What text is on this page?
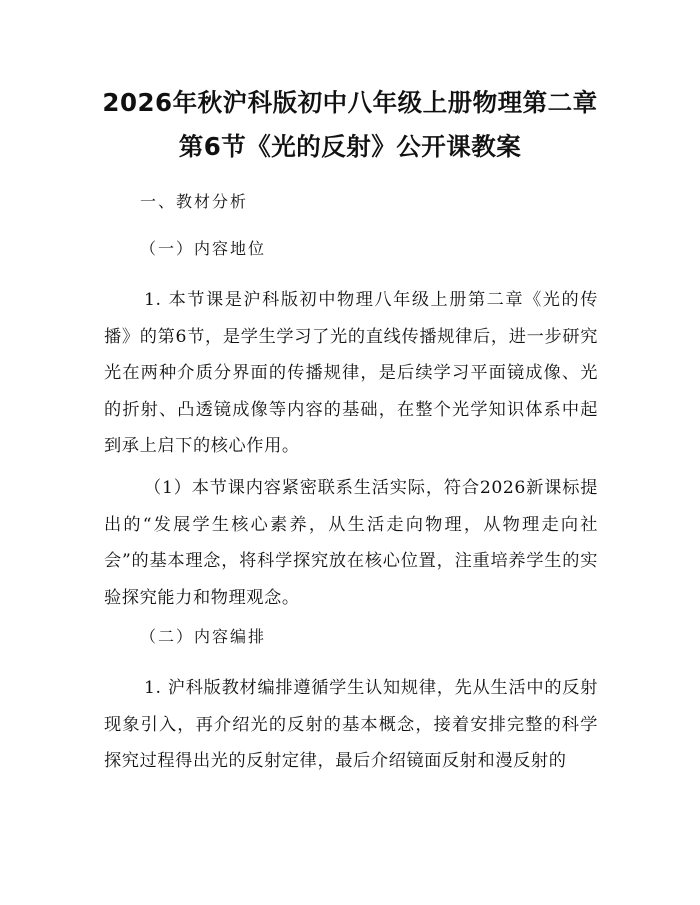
2026年秋沪科版初中八年级上册物理第二章
第6节《光的反射》公开课教案

一、教材分析

（一）内容地位

1. 本节课是沪科版初中物理八年级上册第二章《光的传播》的第6节，是学生学习了光的直线传播规律后，进一步研究光在两种介质分界面的传播规律，是后续学习平面镜成像、光的折射、凸透镜成像等内容的基础，在整个光学知识体系中起到承上启下的核心作用。

（1）本节课内容紧密联系生活实际，符合2026新课标提出的“发展学生核心素养，从生活走向物理，从物理走向社会”的基本理念，将科学探究放在核心位置，注重培养学生的实验探究能力和物理观念。

（二）内容编排

1. 沪科版教材编排遵循学生认知规律，先从生活中的反射现象引入，再介绍光的反射的基本概念，接着安排完整的科学探究过程得出光的反射定律，最后介绍镜面反射和漫反射的
